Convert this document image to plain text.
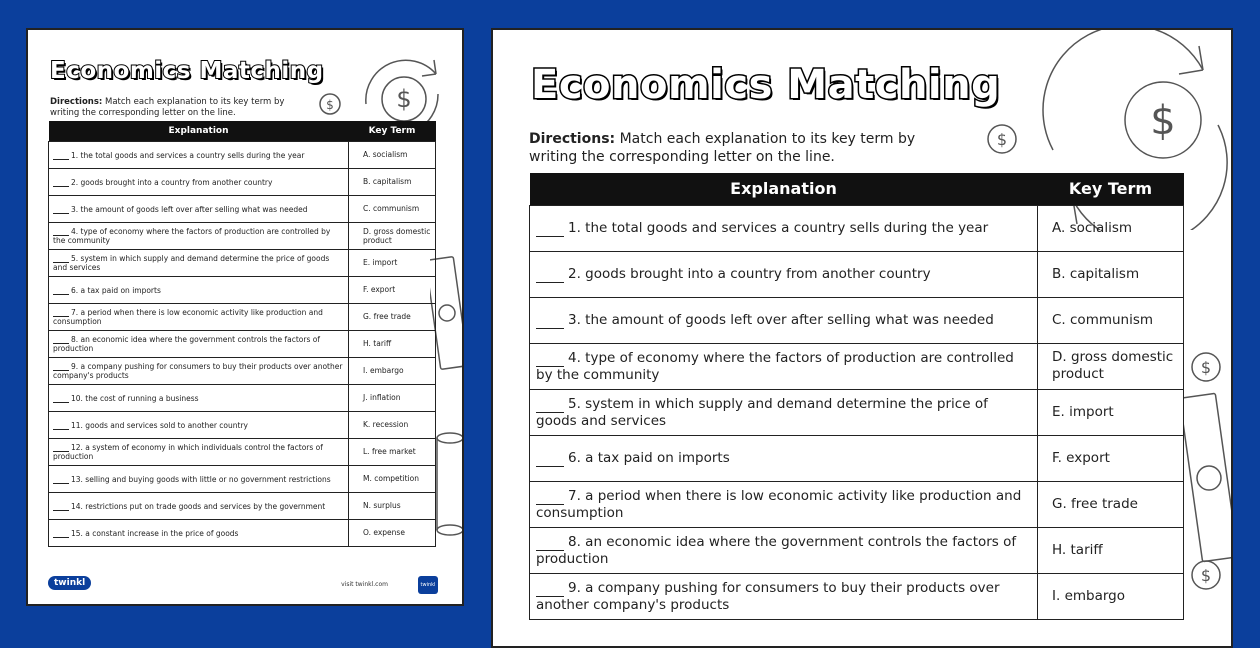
$
$
Economics Matching
Directions: Match each explanation to its key term by writing the corresponding letter on the line.
Explanation	Key Term
1. the total goods and services a country sells during the year	A. socialism
2. goods brought into a country from another country	B. capitalism
3. the amount of goods left over after selling what was needed	C. communism
4. type of economy where the factors of production are controlled by the community	D. gross domestic product
5. system in which supply and demand determine the price of goods and services	E. import
6. a tax paid on imports	F. export
7. a period when there is low economic activity like production and consumption	G. free trade
8. an economic idea where the government controls the factors of production	H. tariff
9. a company pushing for consumers to buy their products over another company's products	I. embargo
10. the cost of running a business	J. inflation
11. goods and services sold to another country	K. recession
12. a system of economy in which individuals control the factors of production	L. free market
13. selling and buying goods with little or no government restrictions	M. competition
14. restrictions put on trade goods and services by the government	N. surplus
15. a constant increase in the price of goods	O. expense
twinkl	visit twinkl.com	twinkl
$
$
$
$
Economics Matching
Directions: Match each explanation to its key term by writing the corresponding letter on the line.
Explanation	Key Term
1. the total goods and services a country sells during the year	A. socialism
2. goods brought into a country from another country	B. capitalism
3. the amount of goods left over after selling what was needed	C. communism
4. type of economy where the factors of production are controlled by the community	D. gross domestic product
5. system in which supply and demand determine the price of goods and services	E. import
6. a tax paid on imports	F. export
7. a period when there is low economic activity like production and consumption	G. free trade
8. an economic idea where the government controls the factors of production	H. tariff
9. a company pushing for consumers to buy their products over another company's products	I. embargo
